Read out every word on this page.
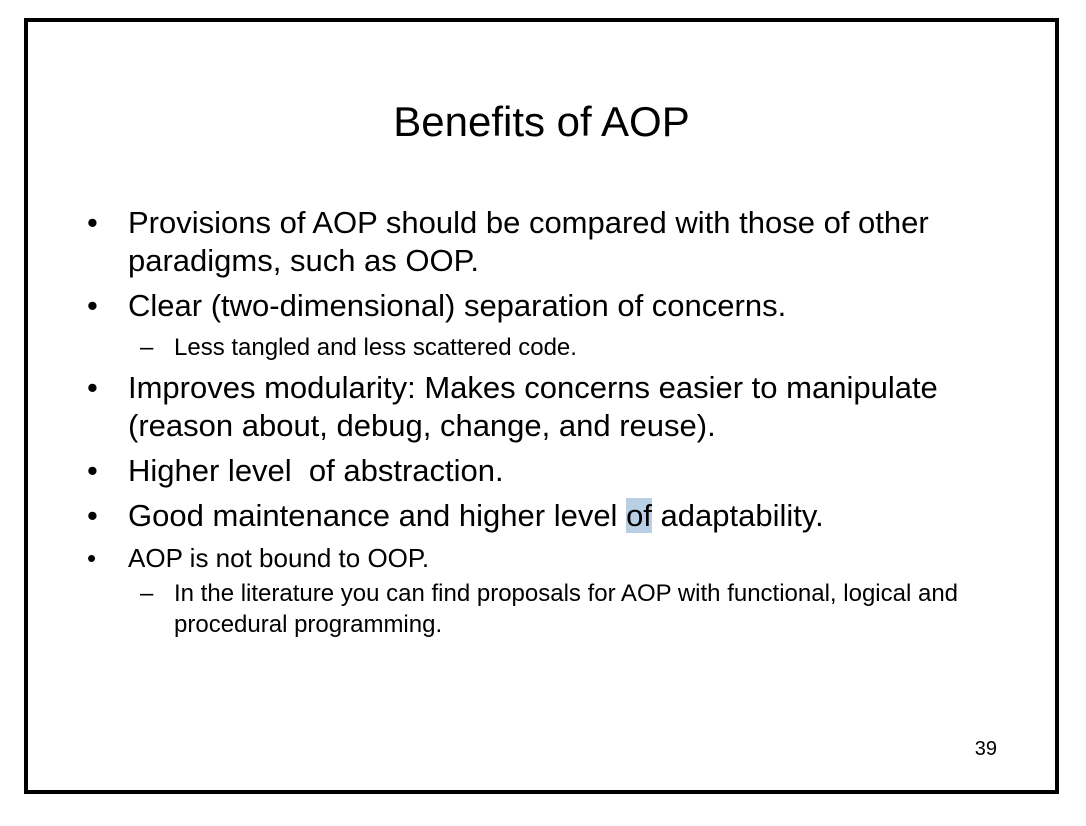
Benefits of AOP

• Provisions of AOP should be compared with those of other paradigms, such as OOP.

• Clear (two-dimensional) separation of concerns.

– Less tangled and less scattered code.

• Improves modularity: Makes concerns easier to manipulate (reason about, debug, change, and reuse).

• Higher level  of abstraction.

• Good maintenance and higher level of adaptability.

• AOP is not bound to OOP.

– In the literature you can find proposals for AOP with functional, logical and procedural programming.

39
